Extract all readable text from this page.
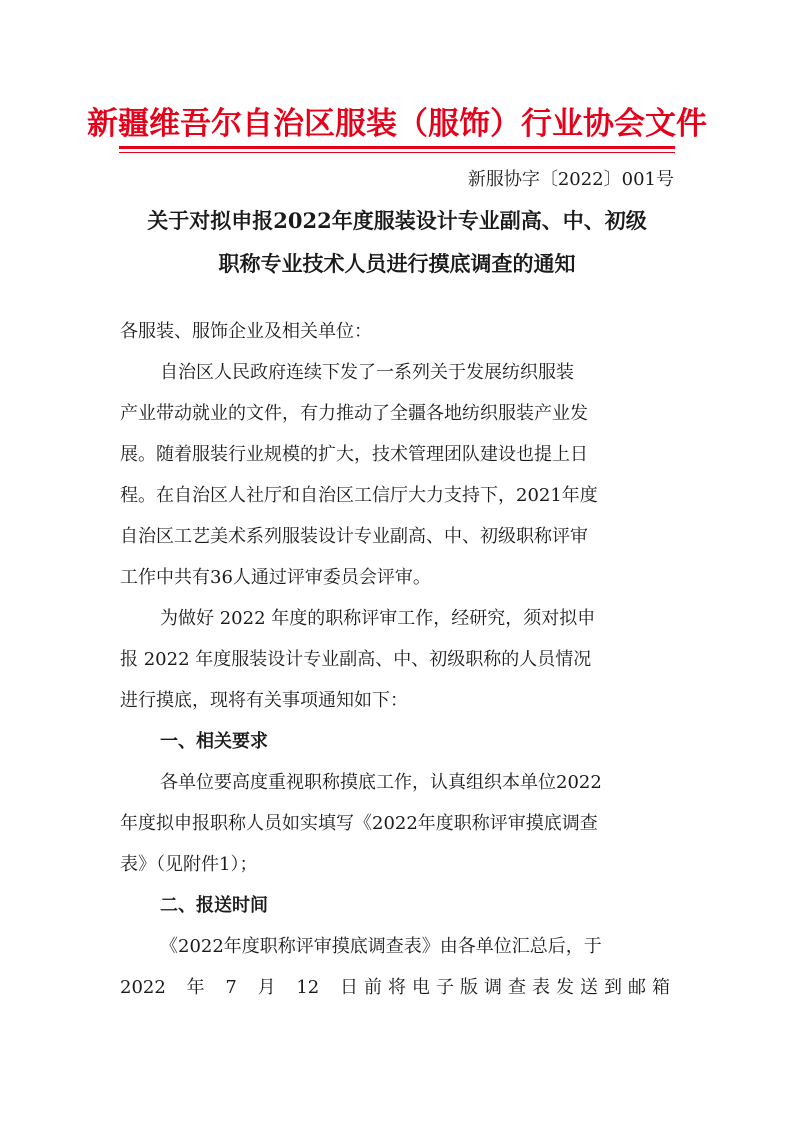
新疆维吾尔自治区服装（服饰）行业协会文件
新服协字〔2022〕001号
关于对拟申报2022年度服装设计专业副高、中、初级
职称专业技术人员进行摸底调查的通知

各服装、服饰企业及相关单位：

自治区人民政府连续下发了一系列关于发展纺织服装

产业带动就业的文件，有力推动了全疆各地纺织服装产业发

展。随着服装行业规模的扩大，技术管理团队建设也提上日

程。在自治区人社厅和自治区工信厅大力支持下，2021年度

自治区工艺美术系列服装设计专业副高、中、初级职称评审

工作中共有36人通过评审委员会评审。

为做好 2022 年度的职称评审工作，经研究，须对拟申

报 2022 年度服装设计专业副高、中、初级职称的人员情况

进行摸底，现将有关事项通知如下：

一、相关要求

各单位要高度重视职称摸底工作，认真组织本单位2022

年度拟申报职称人员如实填写《2022年度职称评审摸底调查

表》（见附件1）；

二、报送时间

《2022年度职称评审摸底调查表》由各单位汇总后，于

2022 年 7 月 12 日前将电子版调查表发送到邮箱
